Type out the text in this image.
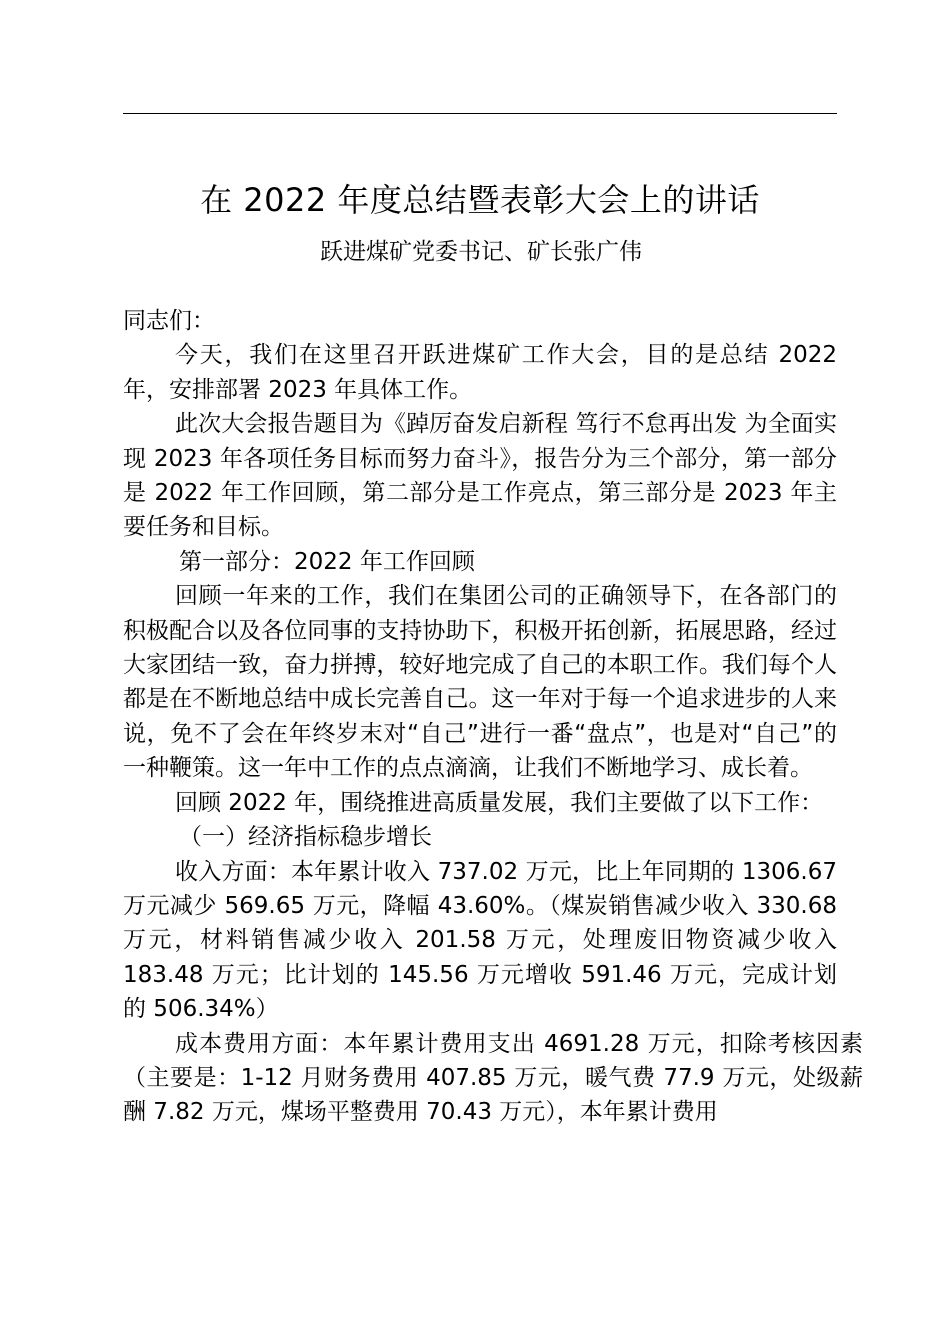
在 2022 年度总结暨表彰大会上的讲话
跃进煤矿党委书记、矿长张广伟

同志们：

今天，我们在这里召开跃进煤矿工作大会，目的是总结 2022 年，安排部署 2023 年具体工作。

此次大会报告题目为《踔厉奋发启新程 笃行不怠再出发 为全面实现 2023 年各项任务目标而努力奋斗》，报告分为三个部分，第一部分是 2022 年工作回顾，第二部分是工作亮点，第三部分是 2023 年主要任务和目标。

第一部分：2022 年工作回顾

回顾一年来的工作，我们在集团公司的正确领导下，在各部门的积极配合以及各位同事的支持协助下，积极开拓创新，拓展思路，经过大家团结一致，奋力拼搏，较好地完成了自己的本职工作。我们每个人都是在不断地总结中成长完善自己。这一年对于每一个追求进步的人来说，免不了会在年终岁末对“自己”进行一番“盘点”，也是对“自己”的一种鞭策。这一年中工作的点点滴滴，让我们不断地学习、成长着。

回顾 2022 年，围绕推进高质量发展，我们主要做了以下工作：

（一）经济指标稳步增长

收入方面：本年累计收入 737.02 万元，比上年同期的 1306.67 万元减少 569.65 万元，降幅 43.60%。（煤炭销售减少收入 330.68 万元，材料销售减少收入 201.58 万元，处理废旧物资减少收入 183.48 万元；比计划的 145.56 万元增收 591.46 万元，完成计划的 506.34%）

成本费用方面：本年累计费用支出 4691.28 万元，扣除考核因素（主要是：1-12 月财务费用 407.85 万元，暖气费 77.9 万元，处级薪酬 7.82 万元，煤场平整费用 70.43 万元），本年累计费用
